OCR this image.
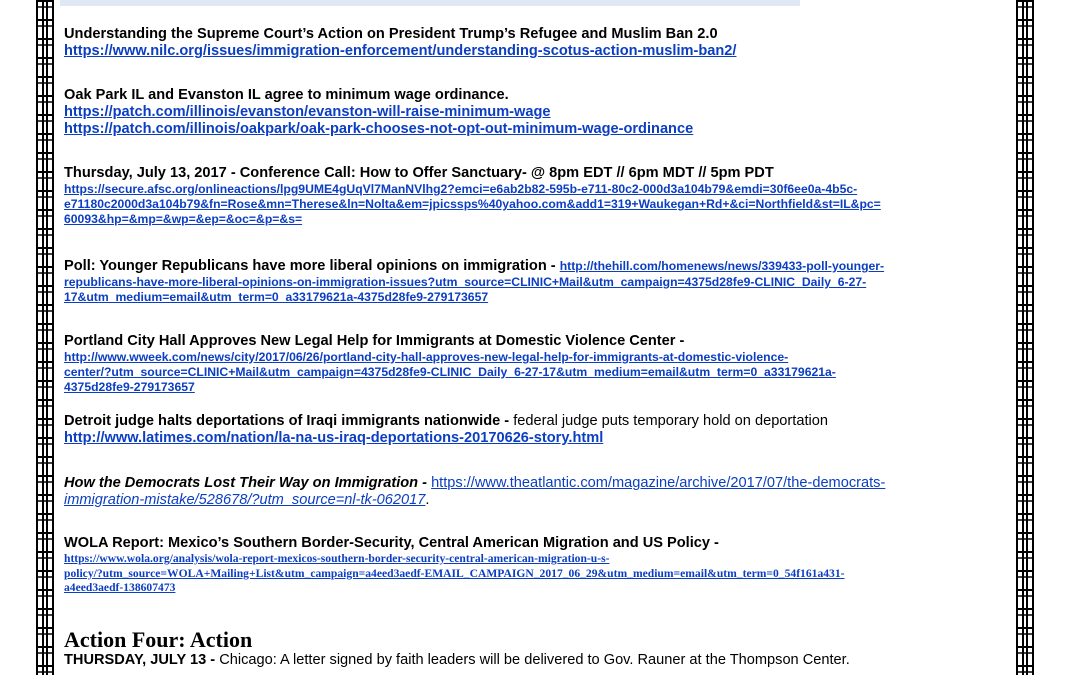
Understanding the Supreme Court’s Action on President Trump’s Refugee and Muslim Ban 2.0
https://www.nilc.org/issues/immigration-enforcement/understanding-scotus-action-muslim-ban2/
Oak Park IL and Evanston IL agree to minimum wage ordinance.
https://patch.com/illinois/evanston/evanston-will-raise-minimum-wage
https://patch.com/illinois/oakpark/oak-park-chooses-not-opt-out-minimum-wage-ordinance
Thursday, July 13, 2017 - Conference Call: How to Offer Sanctuary- @ 8pm EDT // 6pm MDT // 5pm PDT
https://secure.afsc.org/onlineactions/lpg9UME4gUqVl7ManNVlhg2?emci=e6ab2b82-595b-e711-80c2-000d3a104b79&emdi=30f6ee0a-4b5c-
e71180c2000d3a104b79&fn=Rose&mn=Therese&ln=Nolta&em=jpicssps%40yahoo.com&add1=319+Waukegan+Rd+&ci=Northfield&st=IL&pc=
60093&hp=&mp=&wp=&ep=&oc=&p=&s=
Poll: Younger Republicans have more liberal opinions on immigration - http://thehill.com/homenews/news/339433-poll-younger-
republicans-have-more-liberal-opinions-on-immigration-issues?utm_source=CLINIC+Mail&utm_campaign=4375d28fe9-CLINIC_Daily_6-27-
17&utm_medium=email&utm_term=0_a33179621a-4375d28fe9-279173657
Portland City Hall Approves New Legal Help for Immigrants at Domestic Violence Center -
http://www.wweek.com/news/city/2017/06/26/portland-city-hall-approves-new-legal-help-for-immigrants-at-domestic-violence-
center/?utm_source=CLINIC+Mail&utm_campaign=4375d28fe9-CLINIC_Daily_6-27-17&utm_medium=email&utm_term=0_a33179621a-
4375d28fe9-279173657
Detroit judge halts deportations of Iraqi immigrants nationwide - federal judge puts temporary hold on deportation
http://www.latimes.com/nation/la-na-us-iraq-deportations-20170626-story.html
How the Democrats Lost Their Way on Immigration - https://www.theatlantic.com/magazine/archive/2017/07/the-democrats-
immigration-mistake/528678/?utm_source=nl-tk-062017.
WOLA Report: Mexico’s Southern Border-Security, Central American Migration and US Policy -
https://www.wola.org/analysis/wola-report-mexicos-southern-border-security-central-american-migration-u-s-
policy/?utm_source=WOLA+Mailing+List&utm_campaign=a4eed3aedf-EMAIL_CAMPAIGN_2017_06_29&utm_medium=email&utm_term=0_54f161a431-
a4eed3aedf-138607473
Action Four: Action
THURSDAY, JULY 13 - Chicago: A letter signed by faith leaders will be delivered to Gov. Rauner at the Thompson Center.
